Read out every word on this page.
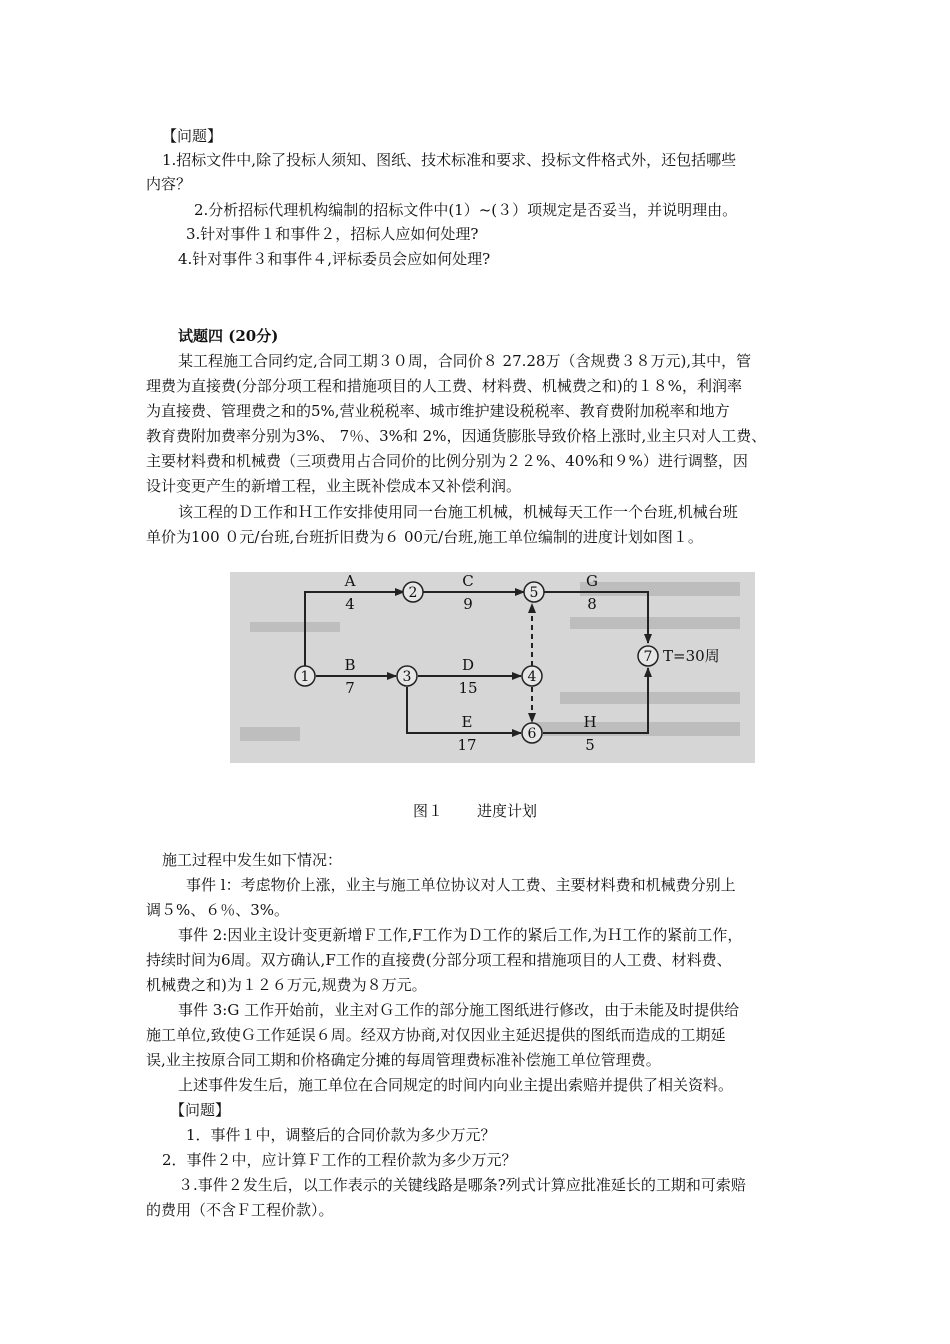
【问题】
1.招标文件中,除了投标人须知、图纸、技术标准和要求、投标文件格式外，还包括哪些
内容？
2.分析招标代理机构编制的招标文件中(1）~(３）项规定是否妥当，并说明理由。
3.针对事件１和事件２，招标人应如何处理?
4.针对事件３和事件４,评标委员会应如何处理?
试题四 (20分)
某工程施工合同约定,合同工期３０周，合同价８ 27.28万（含规费３８万元),其中，管
理费为直接费(分部分项工程和措施项目的人工费、材料费、机械费之和)的１８%，利润率
为直接费、管理费之和的5%,营业税税率、城市维护建设税税率、教育费附加税率和地方
教育费附加费率分别为3%、 7％、3%和 2%，因通货膨胀导致价格上涨时,业主只对人工费、
主要材料费和机械费（三项费用占合同价的比例分别为２２%、40%和９%）进行调整，因
设计变更产生的新增工程，业主既补偿成本又补偿利润。
该工程的Ｄ工作和Ｈ工作安排使用同一台施工机械，机械每天工作一个台班,机械台班
单价为100 ０元/台班,台班折旧费为６ 00元/台班,施工单位编制的进度计划如图１。
1
2
3	4
5
6
7
A
4
C
9
G
8
B
7
D
15
E
17
H
5
T=30周
图１ 进度计划
施工过程中发生如下情况：
事件 l：考虑物价上涨，业主与施工单位协议对人工费、主要材料费和机械费分别上
调５%、６％、3%。
事件 2:因业主设计变更新增Ｆ工作,F工作为Ｄ工作的紧后工作,为Ｈ工作的紧前工作，
持续时间为6周。双方确认,F工作的直接费(分部分项工程和措施项目的人工费、材料费、
机械费之和)为１２６万元,规费为８万元。
事件 3:G 工作开始前，业主对Ｇ工作的部分施工图纸进行修改，由于未能及时提供给
施工单位,致使Ｇ工作延误６周。经双方协商,对仅因业主延迟提供的图纸而造成的工期延
误,业主按原合同工期和价格确定分摊的每周管理费标准补偿施工单位管理费。
上述事件发生后，施工单位在合同规定的时间内向业主提出索赔并提供了相关资料。
【问题】
1．事件１中，调整后的合同价款为多少万元？
2．事件２中，应计算Ｆ工作的工程价款为多少万元？
３.事件２发生后，以工作表示的关键线路是哪条?列式计算应批准延长的工期和可索赔
的费用（不含Ｆ工程价款）。
